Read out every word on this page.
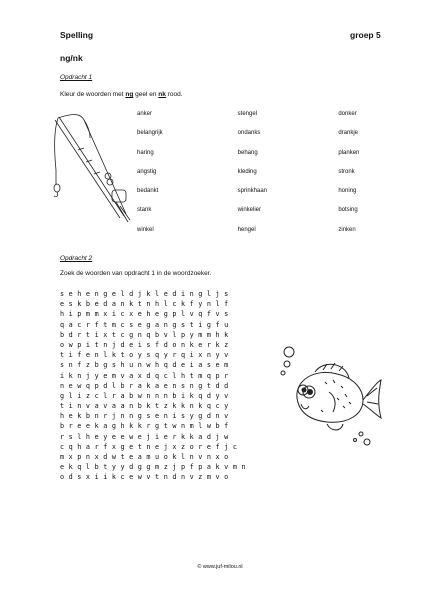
Spelling	groep 5
ng/nk
Opdracht 1
Kleur de woorden met ng geel en nk rood.
anker	stengel	donker
belangrijk	ondanks	drankje
haring	behang	planken
angstig	kleding	stronk
bedankt	sprinkhaan	honing
stank	winkelier	botsing
winkel	hengel	zinken
Opdracht 2
Zoek de woorden van opdracht 1 in de woordzoeker.
s e h e n g e l d j k l e d i n g l ј s
e s k b e d a n k t n h l c k f y n l f
h i p m m x i c x e h e g p l v q f v s
q a c r f t m c s e g a n g s t i g f u
b d r t i x t c g n q b v l p y m m h k
o w p i t n j d e i s f d o n k e r k z
t i f e n l k t o y s q y r q i x n y v
s n f z b g s h u n w h q d e i a s e m
i k n j y e m v a x d q c l h t m q p r
n e w q p d l b r a k a e n s n g t d d
g l i z c l r a b w n n n b i k q d y v
t i n v a v a a n b k t z k k n k q c y
h e k b n r j n n g s e n i s y g d n v
b r e e k a g h k k r g t w n m l w b f
r s l h e y e e w e j i e r k k a d j w
c q h a r f x g e t n e j x z o r e f j c
m x p n x d w t e a m u o k l n v n x o
e k q l b t y y d g g m z j p f p a k v m n
o d s x i i k c e w v t n d n v z m v o
© www.juf-milou.nl
